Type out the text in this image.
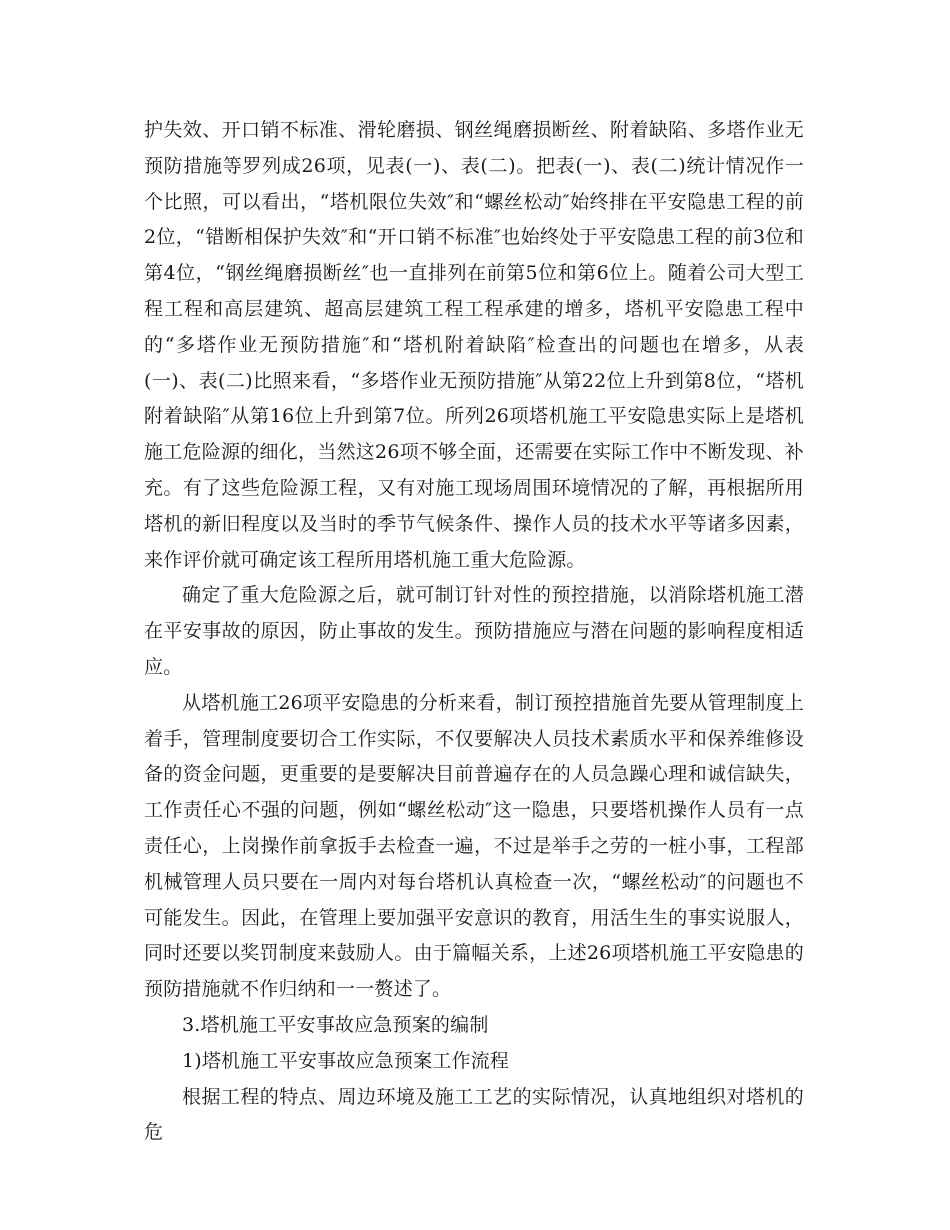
护失效、开口销不标准、滑轮磨损、钢丝绳磨损断丝、附着缺陷、多塔作业无预防措施等罗列成26项，见表(一)、表(二)。把表(一)、表(二)统计情况作一个比照，可以看出，“塔机限位失效″和“螺丝松动″始终排在平安隐患工程的前2位，“错断相保护失效″和“开口销不标准″也始终处于平安隐患工程的前3位和第4位，“钢丝绳磨损断丝″也一直排列在前第5位和第6位上。随着公司大型工程工程和高层建筑、超高层建筑工程工程承建的增多，塔机平安隐患工程中的“多塔作业无预防措施″和“塔机附着缺陷″检查出的问题也在增多，从表(一)、表(二)比照来看，“多塔作业无预防措施″从第22位上升到第8位，“塔机附着缺陷″从第16位上升到第7位。所列26项塔机施工平安隐患实际上是塔机施工危险源的细化，当然这26项不够全面，还需要在实际工作中不断发现、补充。有了这些危险源工程，又有对施工现场周围环境情况的了解，再根据所用塔机的新旧程度以及当时的季节气候条件、操作人员的技术水平等诸多因素，来作评价就可确定该工程所用塔机施工重大危险源。

确定了重大危险源之后，就可制订针对性的预控措施，以消除塔机施工潜在平安事故的原因，防止事故的发生。预防措施应与潜在问题的影响程度相适应。

从塔机施工26项平安隐患的分析来看，制订预控措施首先要从管理制度上着手，管理制度要切合工作实际，不仅要解决人员技术素质水平和保养维修设备的资金问题，更重要的是要解决目前普遍存在的人员急躁心理和诚信缺失，工作责任心不强的问题，例如“螺丝松动″这一隐患，只要塔机操作人员有一点责任心，上岗操作前拿扳手去检查一遍，不过是举手之劳的一桩小事，工程部机械管理人员只要在一周内对每台塔机认真检查一次，“螺丝松动″的问题也不可能发生。因此，在管理上要加强平安意识的教育，用活生生的事实说服人，同时还要以奖罚制度来鼓励人。由于篇幅关系，上述26项塔机施工平安隐患的预防措施就不作归纳和一一赘述了。

3.塔机施工平安事故应急预案的编制

1)塔机施工平安事故应急预案工作流程

根据工程的特点、周边环境及施工工艺的实际情况，认真地组织对塔机的危
